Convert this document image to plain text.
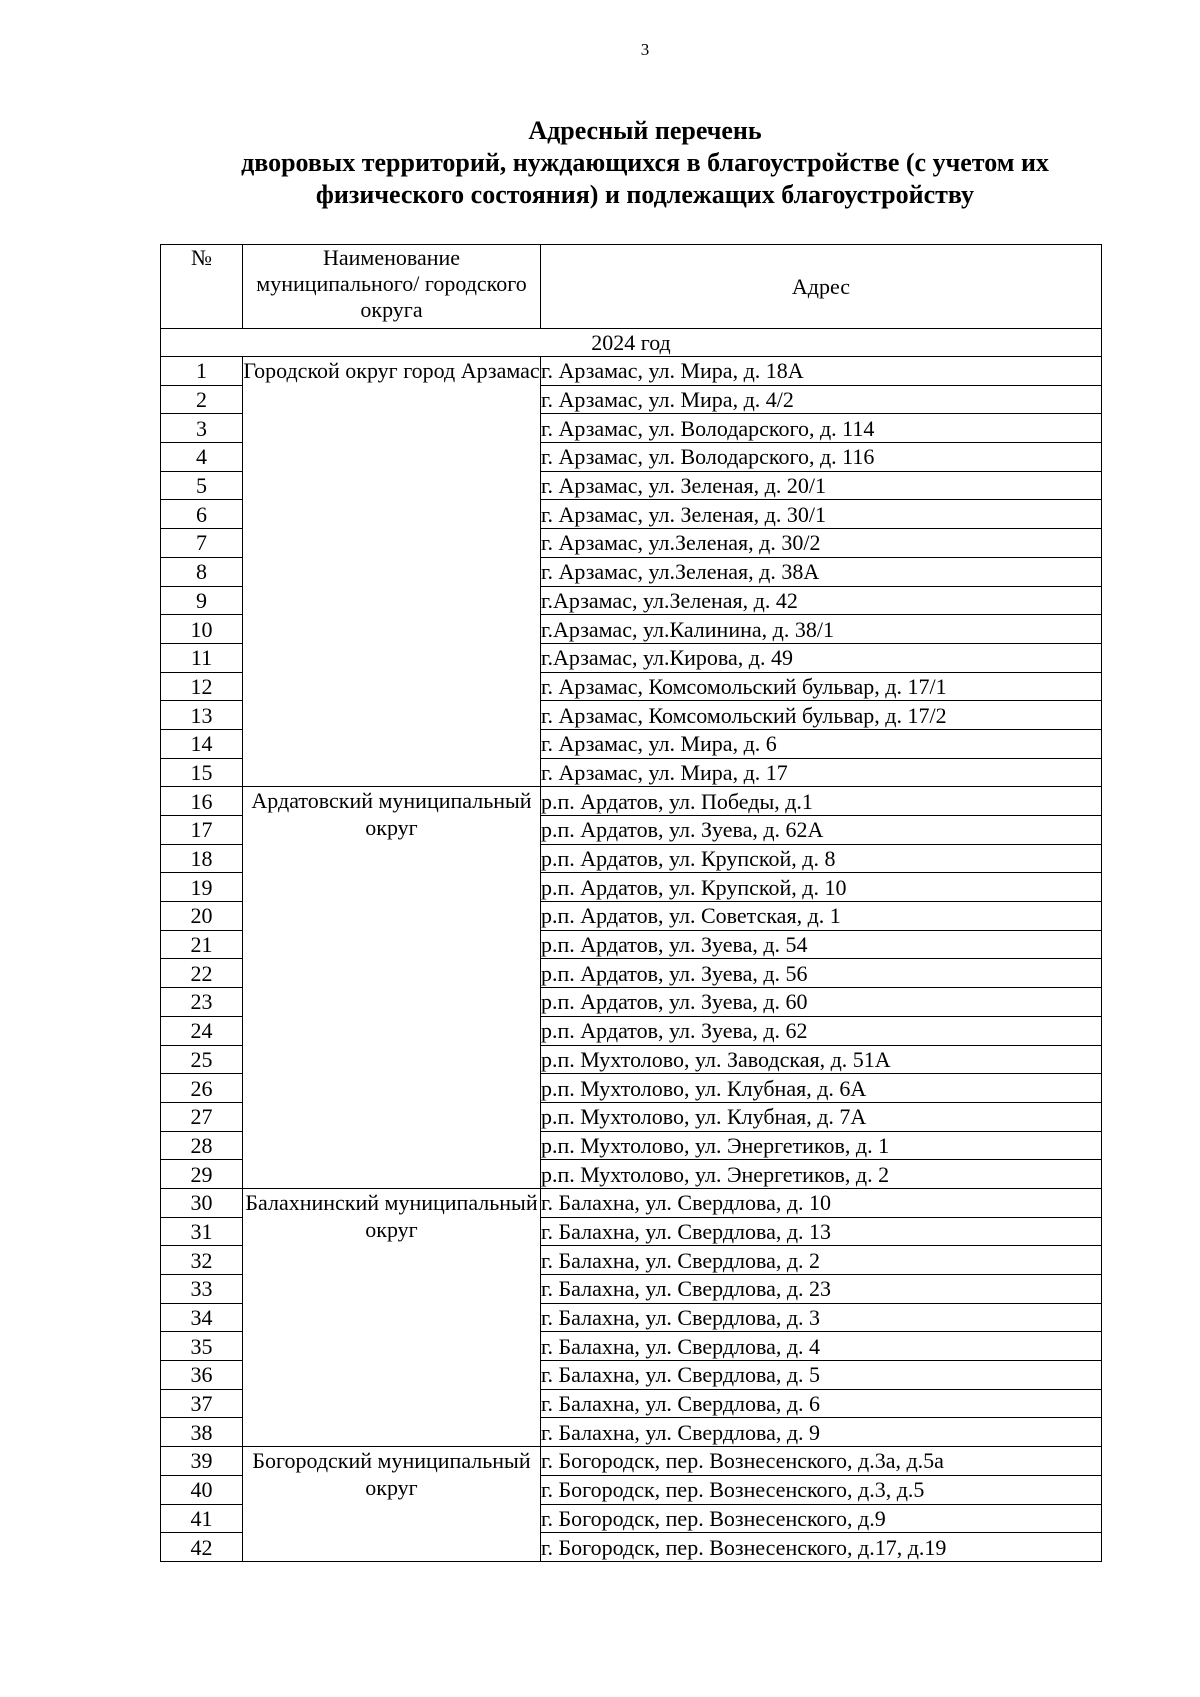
3
Адресный перечень
дворовых территорий, нуждающихся в благоустройстве (с учетом их
физического состояния) и подлежащих благоустройству
№	Наименование муниципального/ городского округа	Адрес
2024 год		
1	Городской округ город Арзамас	г. Арзамас, ул. Мира, д. 18А
2		г. Арзамас, ул. Мира, д. 4/2
3		г. Арзамас, ул. Володарского, д. 114
4		г. Арзамас, ул. Володарского, д. 116
5		г. Арзамас, ул. Зеленая, д. 20/1
6		г. Арзамас, ул. Зеленая, д. 30/1
7		г. Арзамас, ул.Зеленая, д. 30/2
8		г. Арзамас, ул.Зеленая, д. 38А
9		г.Арзамас, ул.Зеленая, д. 42
10		г.Арзамас, ул.Калинина, д. 38/1
11		г.Арзамас, ул.Кирова, д. 49
12		г. Арзамас, Комсомольский бульвар, д. 17/1
13		г. Арзамас, Комсомольский бульвар, д. 17/2
14		г. Арзамас, ул. Мира, д. 6
15		г. Арзамас, ул. Мира, д. 17
16	Ардатовский муниципальный округ	р.п. Ардатов, ул. Победы, д.1
17		р.п. Ардатов, ул. Зуева, д. 62А
18		р.п. Ардатов, ул. Крупской, д. 8
19		р.п. Ардатов, ул. Крупской, д. 10
20		р.п. Ардатов, ул. Советская, д. 1
21		р.п. Ардатов, ул. Зуева, д. 54
22		р.п. Ардатов, ул. Зуева, д. 56
23		р.п. Ардатов, ул. Зуева, д. 60
24		р.п. Ардатов, ул. Зуева, д. 62
25		р.п. Мухтолово, ул. Заводская, д. 51А
26		р.п. Мухтолово, ул. Клубная, д. 6А
27		р.п. Мухтолово, ул. Клубная, д. 7А
28		р.п. Мухтолово, ул. Энергетиков, д. 1
29		р.п. Мухтолово, ул. Энергетиков, д. 2
30	Балахнинский муниципальный округ	г. Балахна, ул. Свердлова, д. 10
31		г. Балахна, ул. Свердлова, д. 13
32		г. Балахна, ул. Свердлова, д. 2
33		г. Балахна, ул. Свердлова, д. 23
34		г. Балахна, ул. Свердлова, д. 3
35		г. Балахна, ул. Свердлова, д. 4
36		г. Балахна, ул. Свердлова, д. 5
37		г. Балахна, ул. Свердлова, д. 6
38		г. Балахна, ул. Свердлова, д. 9
39	Богородский муниципальный округ	г. Богородск, пер. Вознесенского, д.3а, д.5а
40		г. Богородск, пер. Вознесенского, д.3, д.5
41		г. Богородск, пер. Вознесенского, д.9
42		г. Богородск, пер. Вознесенского, д.17, д.19
